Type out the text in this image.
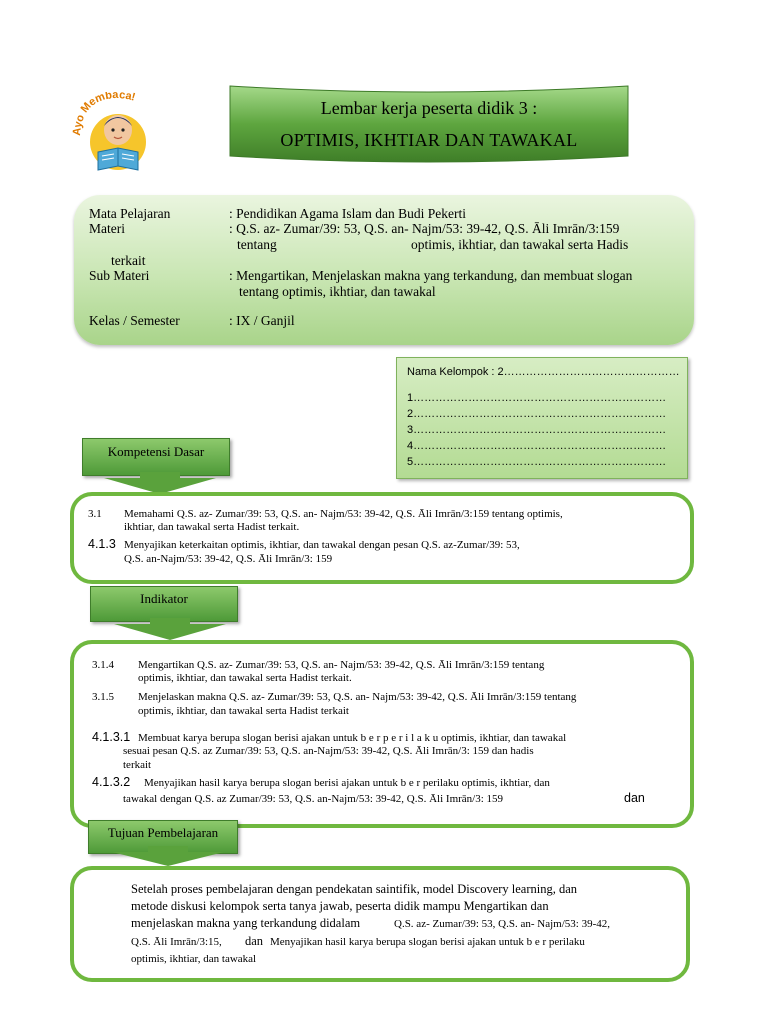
Ayo Membaca!
Lembar kerja peserta didik 3 :
OPTIMIS, IKHTIAR DAN TAWAKAL
Mata Pelajaran	: Pendidikan Agama Islam dan Budi Pekerti
Materi	: Q.S. az- Zumar/39: 53, Q.S. an- Najm/53: 39-42, Q.S. Āli Imrān/3:159
tentang	optimis, ikhtiar, dan tawakal serta Hadis
terkait
Sub Materi	: Mengartikan, Menjelaskan makna yang terkandung, dan membuat slogan
tentang optimis, ikhtiar, dan tawakal
Kelas / Semester	: IX / Ganjil
Nama Kelompok : 2…………………………………………
1……………………………………………………………
2……………………………………………………………
3……………………………………………………………
4……………………………………………………………
5……………………………………………………………
Kompetensi Dasar
3.1 Memahami Q.S. az- Zumar/39: 53, Q.S. an- Najm/53: 39-42, Q.S. Āli Imrān/3:159 tentang optimis,
ikhtiar, dan tawakal serta Hadist terkait.
4.1.3 Menyajikan keterkaitan optimis, ikhtiar, dan tawakal dengan pesan Q.S. az-Zumar/39: 53,
Q.S. an-Najm/53: 39-42, Q.S. Āli Imrān/3: 159
Indikator
3.1.4 Mengartikan Q.S. az- Zumar/39: 53, Q.S. an- Najm/53: 39-42, Q.S. Āli Imrān/3:159 tentang
optimis, ikhtiar, dan tawakal serta Hadist terkait.
3.1.5 Menjelaskan makna Q.S. az- Zumar/39: 53, Q.S. an- Najm/53: 39-42, Q.S. Āli Imrān/3:159 tentang
optimis, ikhtiar, dan tawakal serta Hadist terkait
4.1.3.1 Membuat karya berupa slogan berisi ajakan untuk b e r p e r i l a k u optimis, ikhtiar, dan tawakal
sesuai pesan Q.S. az Zumar/39: 53, Q.S. an-Najm/53: 39-42, Q.S. Āli Imrān/3: 159 dan hadis
terkait
4.1.3.2 Menyajikan hasil karya berupa slogan berisi ajakan untuk b e r perilaku optimis, ikhtiar, dan
tawakal dengan Q.S. az Zumar/39: 53, Q.S. an-Najm/53: 39-42, Q.S. Āli Imrān/3: 159	dan
Tujuan Pembelajaran
Setelah proses pembelajaran dengan pendekatan saintifik, model Discovery learning, dan
metode diskusi kelompok serta tanya jawab, peserta didik mampu Mengartikan dan
menjelaskan makna yang terkandung didalam	Q.S. az- Zumar/39: 53, Q.S. an- Najm/53: 39-42,
Q.S. Āli Imrān/3:15, dan Menyajikan hasil karya berupa slogan berisi ajakan untuk b e r perilaku
optimis, ikhtiar, dan tawakal
